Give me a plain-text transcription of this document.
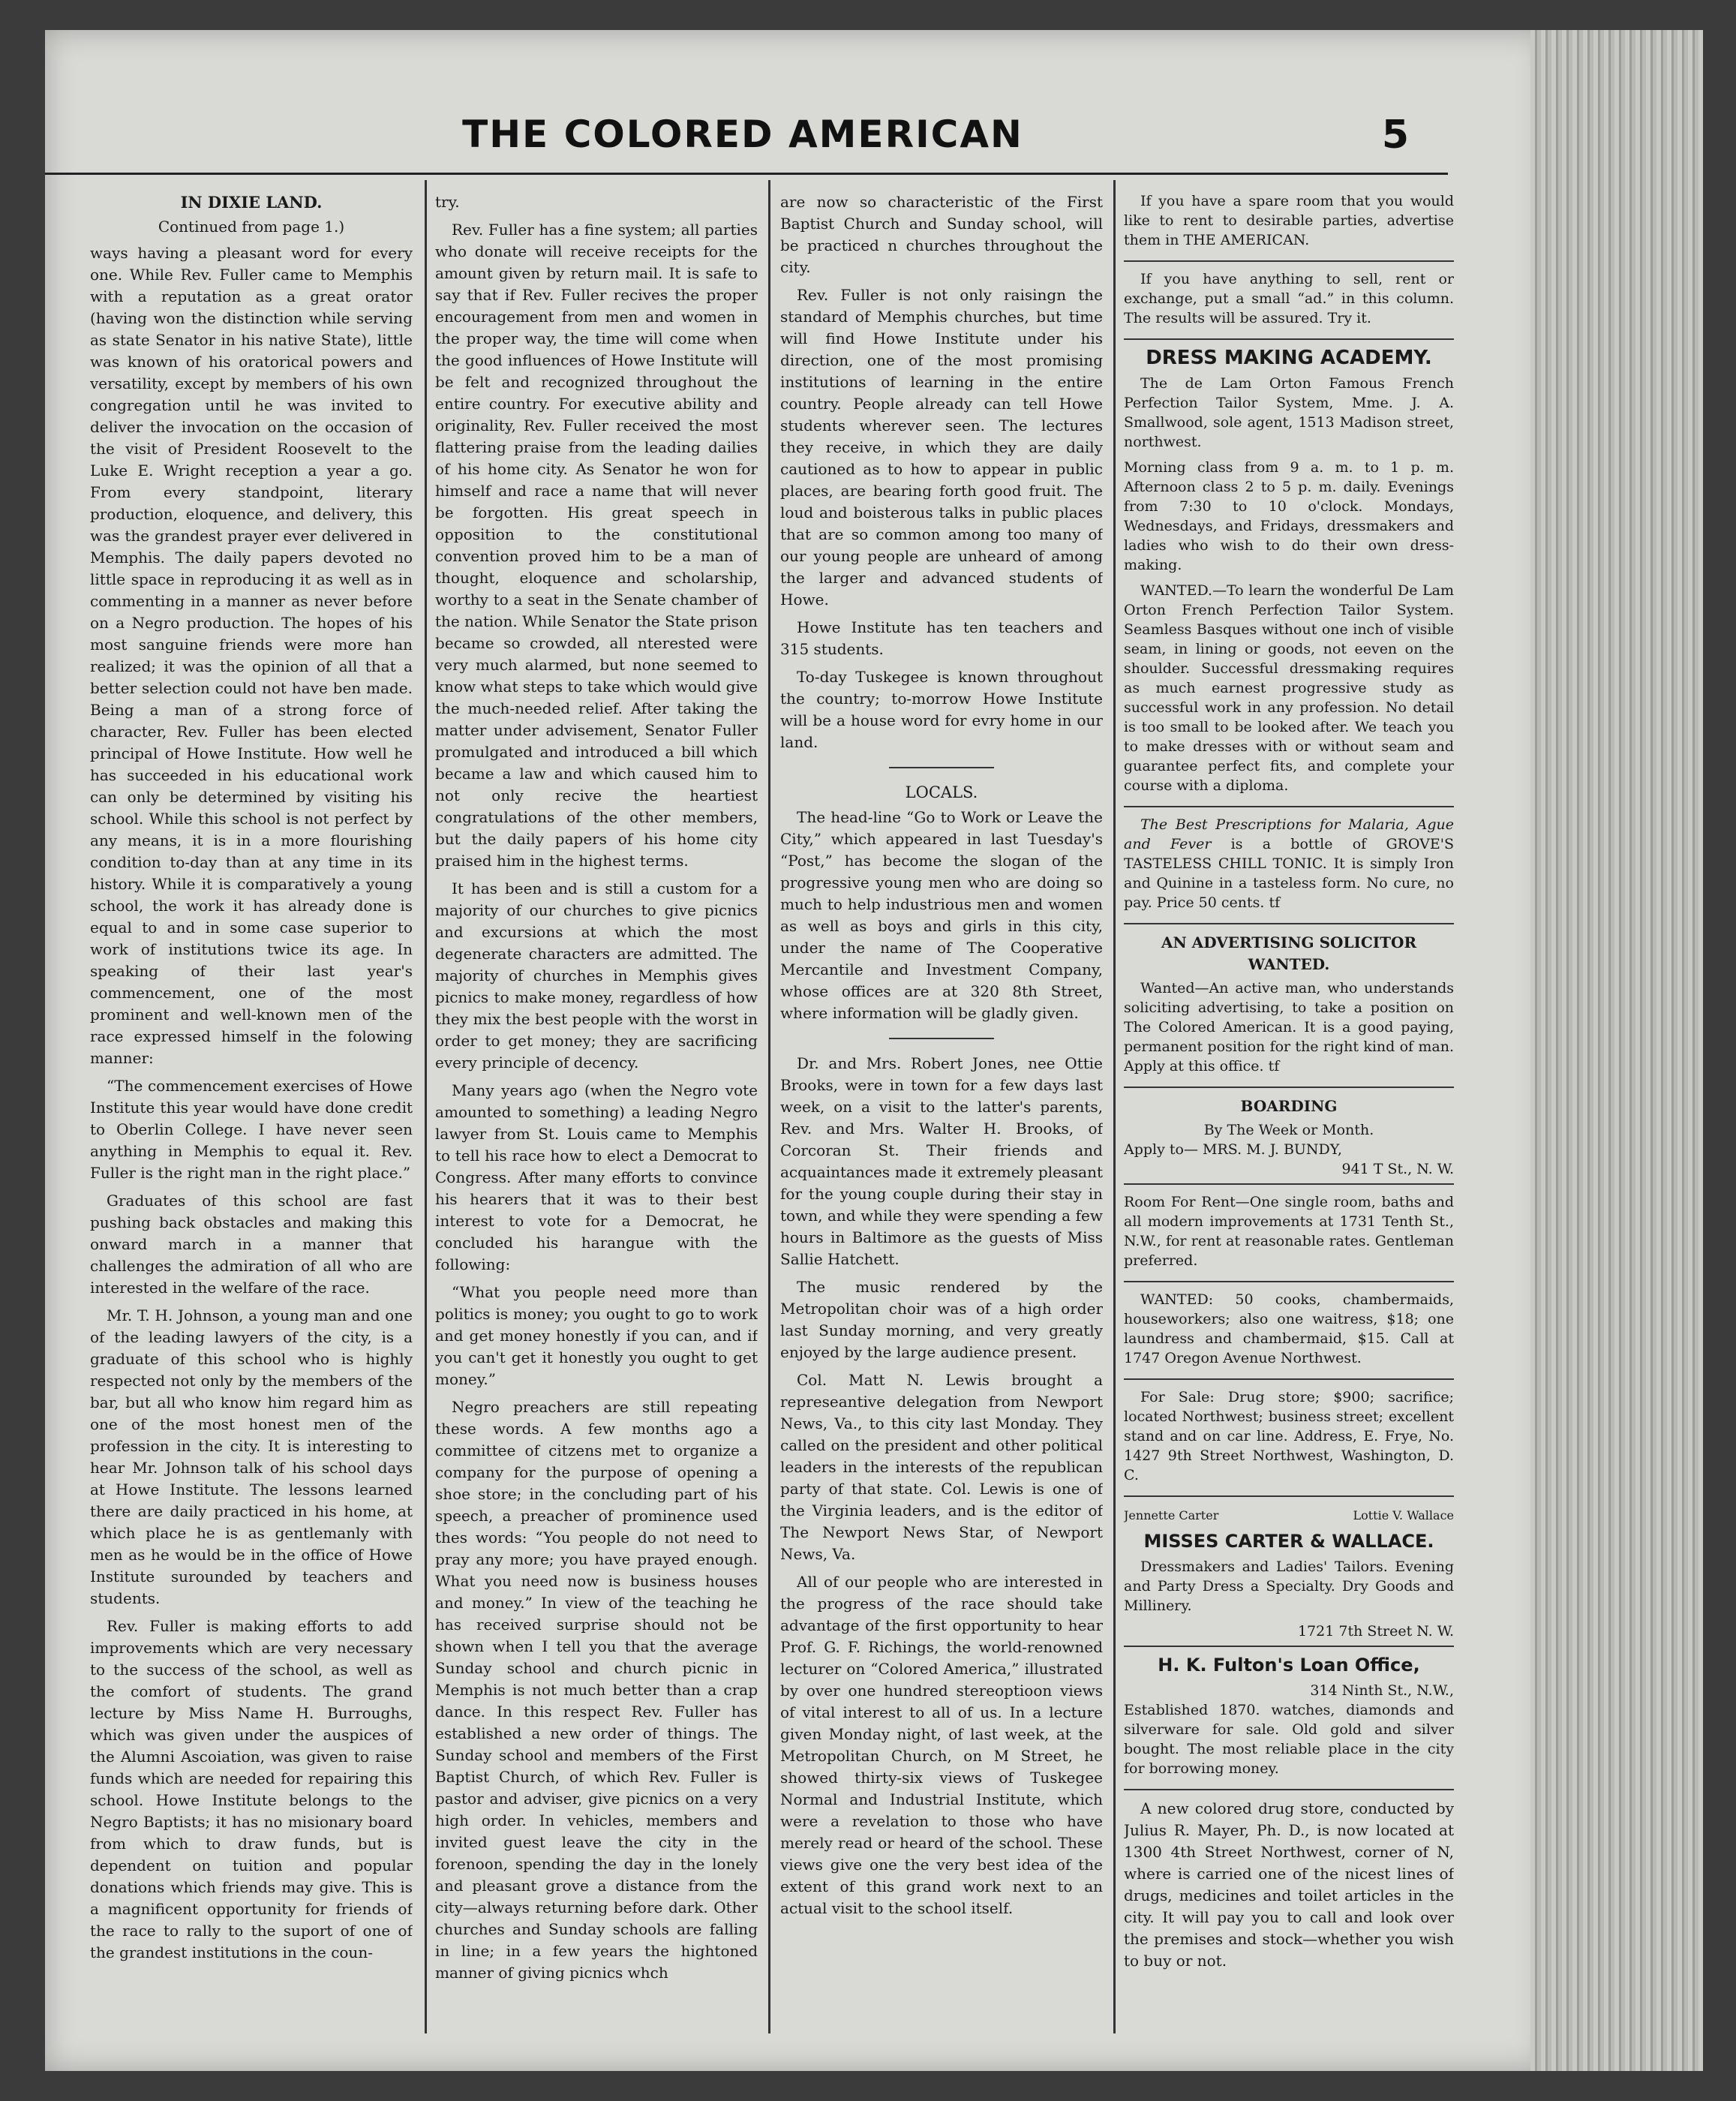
THE COLORED AMERICAN	5

IN DIXIE LAND.

Continued from page 1.)

ways having a pleasant word for every one. While Rev. Fuller came to Memphis with a reputation as a great orator (having won the distinction while serving as state Senator in his native State), little was known of his oratorical powers and versatility, except by members of his own congregation until he was invited to deliver the invocation on the occasion of the visit of President Roosevelt to the Luke E. Wright reception a year a go. From every standpoint, literary production, eloquence, and delivery, this was the grandest prayer ever delivered in Memphis. The daily papers devoted no little space in reproducing it as well as in commenting in a manner as never before on a Negro production. The hopes of his most sanguine friends were more han realized; it was the opinion of all that a better selection could not have ben made. Being a man of a strong force of character, Rev. Fuller has been elected principal of Howe Institute. How well he has succeeded in his educational work can only be determined by visiting his school. While this school is not perfect by any means, it is in a more flourishing condition to-day than at any time in its history. While it is comparatively a young school, the work it has already done is equal to and in some case superior to work of institutions twice its age. In speaking of their last year's commencement, one of the most prominent and well-known men of the race expressed himself in the folowing manner:

“The commencement exercises of Howe Institute this year would have done credit to Oberlin College. I have never seen anything in Memphis to equal it. Rev. Fuller is the right man in the right place.”

Graduates of this school are fast pushing back obstacles and making this onward march in a manner that challenges the admiration of all who are interested in the welfare of the race.

Mr. T. H. Johnson, a young man and one of the leading lawyers of the city, is a graduate of this school who is highly respected not only by the members of the bar, but all who know him regard him as one of the most honest men of the profession in the city. It is interesting to hear Mr. Johnson talk of his school days at Howe Institute. The lessons learned there are daily practiced in his home, at which place he is as gentlemanly with men as he would be in the office of Howe Institute surounded by teachers and students.

Rev. Fuller is making efforts to add improvements which are very necessary to the success of the school, as well as the comfort of students. The grand lecture by Miss Name H. Burroughs, which was given under the auspices of the Alumni Ascoiation, was given to raise funds which are needed for repairing this school. Howe Institute belongs to the Negro Baptists; it has no misionary board from which to draw funds, but is dependent on tuition and popular donations which friends may give. This is a magnificent opportunity for friends of the race to rally to the suport of one of the grandest institutions in the coun-

try.

Rev. Fuller has a fine system; all parties who donate will receive receipts for the amount given by return mail. It is safe to say that if Rev. Fuller recives the proper encouragement from men and women in the proper way, the time will come when the good influences of Howe Institute will be felt and recognized throughout the entire country. For executive ability and originality, Rev. Fuller received the most flattering praise from the leading dailies of his home city. As Senator he won for himself and race a name that will never be forgotten. His great speech in opposition to the constitutional convention proved him to be a man of thought, eloquence and scholarship, worthy to a seat in the Senate chamber of the nation. While Senator the State prison became so crowded, all nterested were very much alarmed, but none seemed to know what steps to take which would give the much-needed relief. After taking the matter under advisement, Senator Fuller promulgated and introduced a bill which became a law and which caused him to not only recive the heartiest congratulations of the other members, but the daily papers of his home city praised him in the highest terms.

It has been and is still a custom for a majority of our churches to give picnics and excursions at which the most degenerate characters are admitted. The majority of churches in Memphis gives picnics to make money, regardless of how they mix the best people with the worst in order to get money; they are sacrificing every principle of decency.

Many years ago (when the Negro vote amounted to something) a leading Negro lawyer from St. Louis came to Memphis to tell his race how to elect a Democrat to Congress. After many efforts to convince his hearers that it was to their best interest to vote for a Democrat, he concluded his harangue with the following:

“What you people need more than politics is money; you ought to go to work and get money honestly if you can, and if you can't get it honestly you ought to get money.”

Negro preachers are still repeating these words. A few months ago a committee of citzens met to organize a company for the purpose of opening a shoe store; in the concluding part of his speech, a preacher of prominence used thes words: “You people do not need to pray any more; you have prayed enough. What you need now is business houses and money.” In view of the teaching he has received surprise should not be shown when I tell you that the average Sunday school and church picnic in Memphis is not much better than a crap dance. In this respect Rev. Fuller has established a new order of things. The Sunday school and members of the First Baptist Church, of which Rev. Fuller is pastor and adviser, give picnics on a very high order. In vehicles, members and invited guest leave the city in the forenoon, spending the day in the lonely and pleasant grove a distance from the city—always returning before dark. Other churches and Sunday schools are falling in line; in a few years the hightoned manner of giving picnics whch

are now so characteristic of the First Baptist Church and Sunday school, will be practiced n churches throughout the city.

Rev. Fuller is not only raisingn the standard of Memphis churches, but time will find Howe Institute under his direction, one of the most promising institutions of learning in the entire country. People already can tell Howe students wherever seen. The lectures they receive, in which they are daily cautioned as to how to appear in public places, are bearing forth good fruit. The loud and boisterous talks in public places that are so common among too many of our young people are unheard of among the larger and advanced students of Howe.

Howe Institute has ten teachers and 315 students.

To-day Tuskegee is known throughout the country; to-morrow Howe Institute will be a house word for evry home in our land.

LOCALS.

The head-line “Go to Work or Leave the City,” which appeared in last Tuesday's “Post,” has become the slogan of the progressive young men who are doing so much to help industrious men and women as well as boys and girls in this city, under the name of The Cooperative Mercantile and Investment Company, whose offices are at 320 8th Street, where information will be gladly given.

Dr. and Mrs. Robert Jones, nee Ottie Brooks, were in town for a few days last week, on a visit to the latter's parents, Rev. and Mrs. Walter H. Brooks, of Corcoran St. Their friends and acquaintances made it extremely pleasant for the young couple during their stay in town, and while they were spending a few hours in Baltimore as the guests of Miss Sallie Hatchett.

The music rendered by the Metropolitan choir was of a high order last Sunday morning, and very greatly enjoyed by the large audience present.

Col. Matt N. Lewis brought a represeantive delegation from Newport News, Va., to this city last Monday. They called on the president and other political leaders in the interests of the republican party of that state. Col. Lewis is one of the Virginia leaders, and is the editor of The Newport News Star, of Newport News, Va.

All of our people who are interested in the progress of the race should take advantage of the first opportunity to hear Prof. G. F. Richings, the world-renowned lecturer on “Colored America,” illustrated by over one hundred stereoptioon views of vital interest to all of us. In a lecture given Monday night, of last week, at the Metropolitan Church, on M Street, he showed thirty-six views of Tuskegee Normal and Industrial Institute, which were a revelation to those who have merely read or heard of the school. These views give one the very best idea of the extent of this grand work next to an actual visit to the school itself.

If you have a spare room that you would like to rent to desirable parties, advertise them in THE AMERICAN.

If you have anything to sell, rent or exchange, put a small “ad.” in this column. The results will be assured. Try it.

DRESS MAKING ACADEMY.

The de Lam Orton Famous French Perfection Tailor System, Mme. J. A. Smallwood, sole agent, 1513 Madison street, northwest.

Morning class from 9 a. m. to 1 p. m. Afternoon class 2 to 5 p. m. daily. Evenings from 7:30 to 10 o'clock. Mondays, Wednesdays, and Fridays, dressmakers and ladies who wish to do their own dress-making.

WANTED.—To learn the wonderful De Lam Orton French Perfection Tailor System. Seamless Basques without one inch of visible seam, in lining or goods, not eeven on the shoulder. Successful dressmaking requires as much earnest progressive study as successful work in any profession. No detail is too small to be looked after. We teach you to make dresses with or without seam and guarantee perfect fits, and complete your course with a diploma.

The Best Prescriptions for Malaria, Ague and Fever is a bottle of GROVE'S TASTELESS CHILL TONIC. It is simply Iron and Quinine in a tasteless form. No cure, no pay. Price 50 cents. tf

AN ADVERTISING SOLICITOR WANTED.

Wanted—An active man, who understands soliciting advertising, to take a position on The Colored American. It is a good paying, permanent position for the right kind of man. Apply at this office. tf

BOARDING
By The Week or Month.
Apply to— MRS. M. J. BUNDY,
941 T St., N. W.

Room For Rent—One single room, baths and all modern improvements at 1731 Tenth St., N.W., for rent at reasonable rates. Gentleman preferred.

WANTED: 50 cooks, chambermaids, houseworkers; also one waitress, $18; one laundress and chambermaid, $15. Call at 1747 Oregon Avenue Northwest.

For Sale: Drug store; $900; sacrifice; located Northwest; business street; excellent stand and on car line. Address, E. Frye, No. 1427 9th Street Northwest, Washington, D. C.

Jennette Carter	Lottie V. Wallace
MISSES CARTER & WALLACE.

Dressmakers and Ladies' Tailors. Evening and Party Dress a Specialty. Dry Goods and Millinery.

1721 7th Street N. W.
H. K. Fulton's Loan Office,
314 Ninth St., N.W.,

Established 1870. watches, diamonds and silverware for sale. Old gold and silver bought. The most reliable place in the city for borrowing money.

A new colored drug store, conducted by Julius R. Mayer, Ph. D., is now located at 1300 4th Street Northwest, corner of N, where is carried one of the nicest lines of drugs, medicines and toilet articles in the city. It will pay you to call and look over the premises and stock—whether you wish to buy or not.
